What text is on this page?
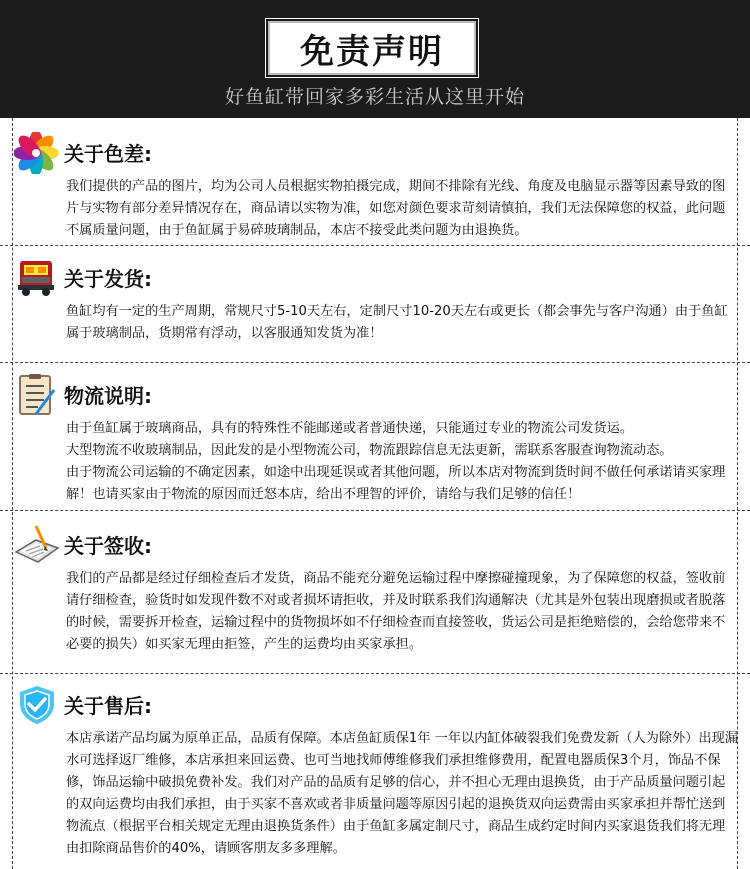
免责声明
好鱼缸带回家多彩生活从这里开始
关于色差:
我们提供的产品的图片，均为公司人员根据实物拍摄完成，期间不排除有光线、角度及电脑显示器等因素导致的图片与实物有部分差异情况存在，商品请以实物为准，如您对颜色要求苛刻请慎拍，我们无法保障您的权益，此问题不属质量问题，由于鱼缸属于易碎玻璃制品，本店不接受此类问题为由退换货。
关于发货:
鱼缸均有一定的生产周期，常规尺寸5-10天左右，定制尺寸10-20天左右或更长（都会事先与客户沟通）由于鱼缸属于玻璃制品，货期常有浮动，以客服通知发货为准！
物流说明:
由于鱼缸属于玻璃商品，具有的特殊性不能邮递或者普通快递，只能通过专业的物流公司发货运。
大型物流不收玻璃制品，因此发的是小型物流公司，物流跟踪信息无法更新，需联系客服查询物流动态。
由于物流公司运输的不确定因素，如途中出现延误或者其他问题，所以本店对物流到货时间不做任何承诺请买家理解！也请买家由于物流的原因而迁怒本店，给出不理智的评价，请给与我们足够的信任！
关于签收:
我们的产品都是经过仔细检查后才发货，商品不能充分避免运输过程中摩擦碰撞现象，为了保障您的权益，签收前请仔细检查，验货时如发现件数不对或者损坏请拒收，并及时联系我们沟通解决（尤其是外包装出现磨损或者脱落的时候，需要拆开检查，运输过程中的货物损坏如不仔细检查而直接签收，货运公司是拒绝赔偿的，会给您带来不必要的损失）如买家无理由拒签，产生的运费均由买家承担。
关于售后:
本店承诺产品均属为原单正品，品质有保障。本店鱼缸质保1年 一年以内缸体破裂我们免费发新（人为除外）出现漏水可选择返厂维修，本店承担来回运费、也可当地找师傅维修我们承担维修费用，配置电器质保3个月，饰品不保修，饰品运输中破损免费补发。我们对产品的品质有足够的信心，并不担心无理由退换货，由于产品质量问题引起的双向运费均由我们承担，由于买家不喜欢或者非质量问题等原因引起的退换货双向运费需由买家承担并帮忙送到物流点（根据平台相关规定无理由退换货条件）由于鱼缸多属定制尺寸，商品生成约定时间内买家退货我们将无理由扣除商品售价的40%，请顾客朋友多多理解。
